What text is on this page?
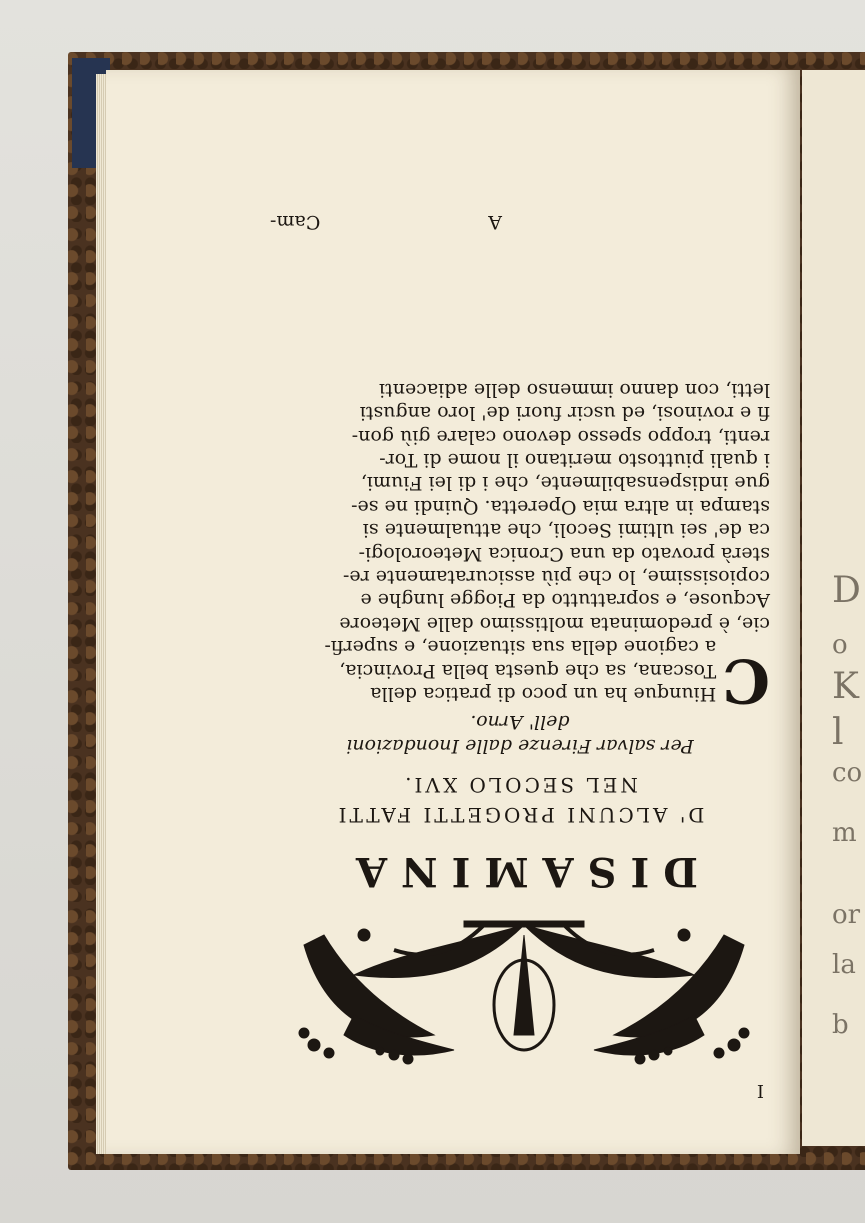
D
o
K
l
co
m
or
la
b
I
DISAMINA
D' ALCUNI PROGETTI FATTI
NEL SECOLO XVI.
Per salvar Firenze dalle Inondazioni
dell' Arno.
C
Hiunque ha un poco di pratica della
Toscana, sa che questa bella Provincia,
a cagione della sua situazione, e superfi-
cie, è predominata moltissimo dalle Meteore
Acquose, e soprattutto da Piogge lunghe e
copiosissime, lo che più assicuratamente re-
sterà provato da una Cronica Meteorologi-
ca de' sei ultimi Secoli, che attualmente si
stampa in altra mia Operetta. Quindi ne se-
gue indispensabilmente, che i di lei Fiumi,
i quali piuttosto meritano il nome di Tor-
renti, troppo spesso devono calare giù gon-
fi e rovinosi, ed uscir fuori de' loro angusti
letti, con danno immenso delle adiacenti
A
Cam-
